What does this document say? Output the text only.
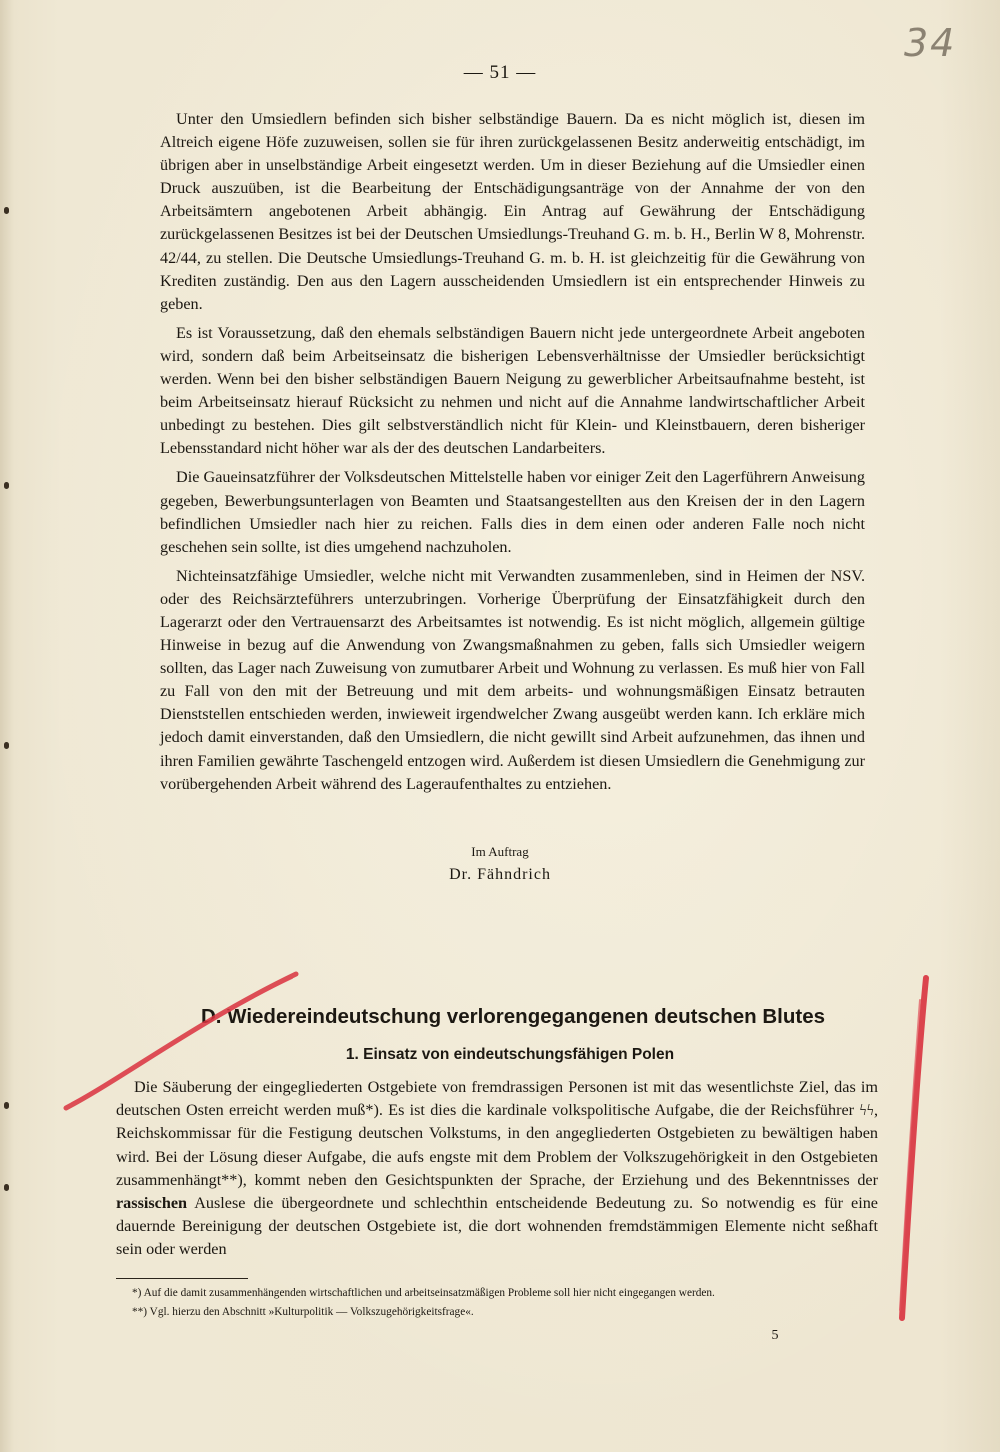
34
— 51 —

Unter den Umsiedlern befinden sich bisher selbständige Bauern. Da es nicht möglich ist, diesen im Altreich eigene Höfe zuzuweisen, sollen sie für ihren zurückgelassenen Besitz anderweitig entschädigt, im übrigen aber in unselbständige Arbeit eingesetzt werden. Um in dieser Beziehung auf die Umsiedler einen Druck auszuüben, ist die Bearbeitung der Entschädigungsanträge von der Annahme der von den Arbeitsämtern angebotenen Arbeit abhängig. Ein Antrag auf Gewährung der Entschädigung zurückgelassenen Besitzes ist bei der Deutschen Umsiedlungs-Treuhand G. m. b. H., Berlin W 8, Mohrenstr. 42/44, zu stellen. Die Deutsche Umsiedlungs-Treuhand G. m. b. H. ist gleichzeitig für die Gewährung von Krediten zuständig. Den aus den Lagern ausscheidenden Umsiedlern ist ein entsprechender Hinweis zu geben.

Es ist Voraussetzung, daß den ehemals selbständigen Bauern nicht jede untergeordnete Arbeit angeboten wird, sondern daß beim Arbeitseinsatz die bisherigen Lebensverhältnisse der Umsiedler berücksichtigt werden. Wenn bei den bisher selbständigen Bauern Neigung zu gewerblicher Arbeitsaufnahme besteht, ist beim Arbeitseinsatz hierauf Rücksicht zu nehmen und nicht auf die Annahme landwirtschaftlicher Arbeit unbedingt zu bestehen. Dies gilt selbstverständlich nicht für Klein- und Kleinstbauern, deren bisheriger Lebensstandard nicht höher war als der des deutschen Landarbeiters.

Die Gaueinsatzführer der Volksdeutschen Mittelstelle haben vor einiger Zeit den Lagerführern Anweisung gegeben, Bewerbungsunterlagen von Beamten und Staatsangestellten aus den Kreisen der in den Lagern befindlichen Umsiedler nach hier zu reichen. Falls dies in dem einen oder anderen Falle noch nicht geschehen sein sollte, ist dies umgehend nachzuholen.

Nichteinsatzfähige Umsiedler, welche nicht mit Verwandten zusammenleben, sind in Heimen der NSV. oder des Reichsärzteführers unterzubringen. Vorherige Überprüfung der Einsatzfähigkeit durch den Lagerarzt oder den Vertrauensarzt des Arbeitsamtes ist notwendig. Es ist nicht möglich, allgemein gültige Hinweise in bezug auf die Anwendung von Zwangsmaßnahmen zu geben, falls sich Umsiedler weigern sollten, das Lager nach Zuweisung von zumutbarer Arbeit und Wohnung zu verlassen. Es muß hier von Fall zu Fall von den mit der Betreuung und mit dem arbeits- und wohnungsmäßigen Einsatz betrauten Dienststellen entschieden werden, inwieweit irgendwelcher Zwang ausgeübt werden kann. Ich erkläre mich jedoch damit einverstanden, daß den Umsiedlern, die nicht gewillt sind Arbeit aufzunehmen, das ihnen und ihren Familien gewährte Taschengeld entzogen wird. Außerdem ist diesen Umsiedlern die Genehmigung zur vorübergehenden Arbeit während des Lageraufenthaltes zu entziehen.

Im Auftrag
Dr. Fähndrich
D. Wiedereindeutschung verlorengegangenen deutschen Blutes
1. Einsatz von eindeutschungsfähigen Polen

Die Säuberung der eingegliederten Ostgebiete von fremdrassigen Personen ist mit das wesentlichste Ziel, das im deutschen Osten erreicht werden muß*). Es ist dies die kardinale volkspolitische Aufgabe, die der Reichsführer ϟϟ, Reichskommissar für die Festigung deutschen Volkstums, in den angegliederten Ostgebieten zu bewältigen haben wird. Bei der Lösung dieser Aufgabe, die aufs engste mit dem Problem der Volkszugehörigkeit in den Ostgebieten zusammenhängt**), kommt neben den Gesichtspunkten der Sprache, der Erziehung und des Bekenntnisses der rassischen Auslese die übergeordnete und schlechthin entscheidende Bedeutung zu. So notwendig es für eine dauernde Bereinigung der deutschen Ostgebiete ist, die dort wohnenden fremdstämmigen Elemente nicht seßhaft sein oder werden

*) Auf die damit zusammenhängenden wirtschaftlichen und arbeitseinsatzmäßigen Probleme soll hier nicht eingegangen werden.
**) Vgl. hierzu den Abschnitt »Kulturpolitik — Volkszugehörigkeitsfrage«.
5
